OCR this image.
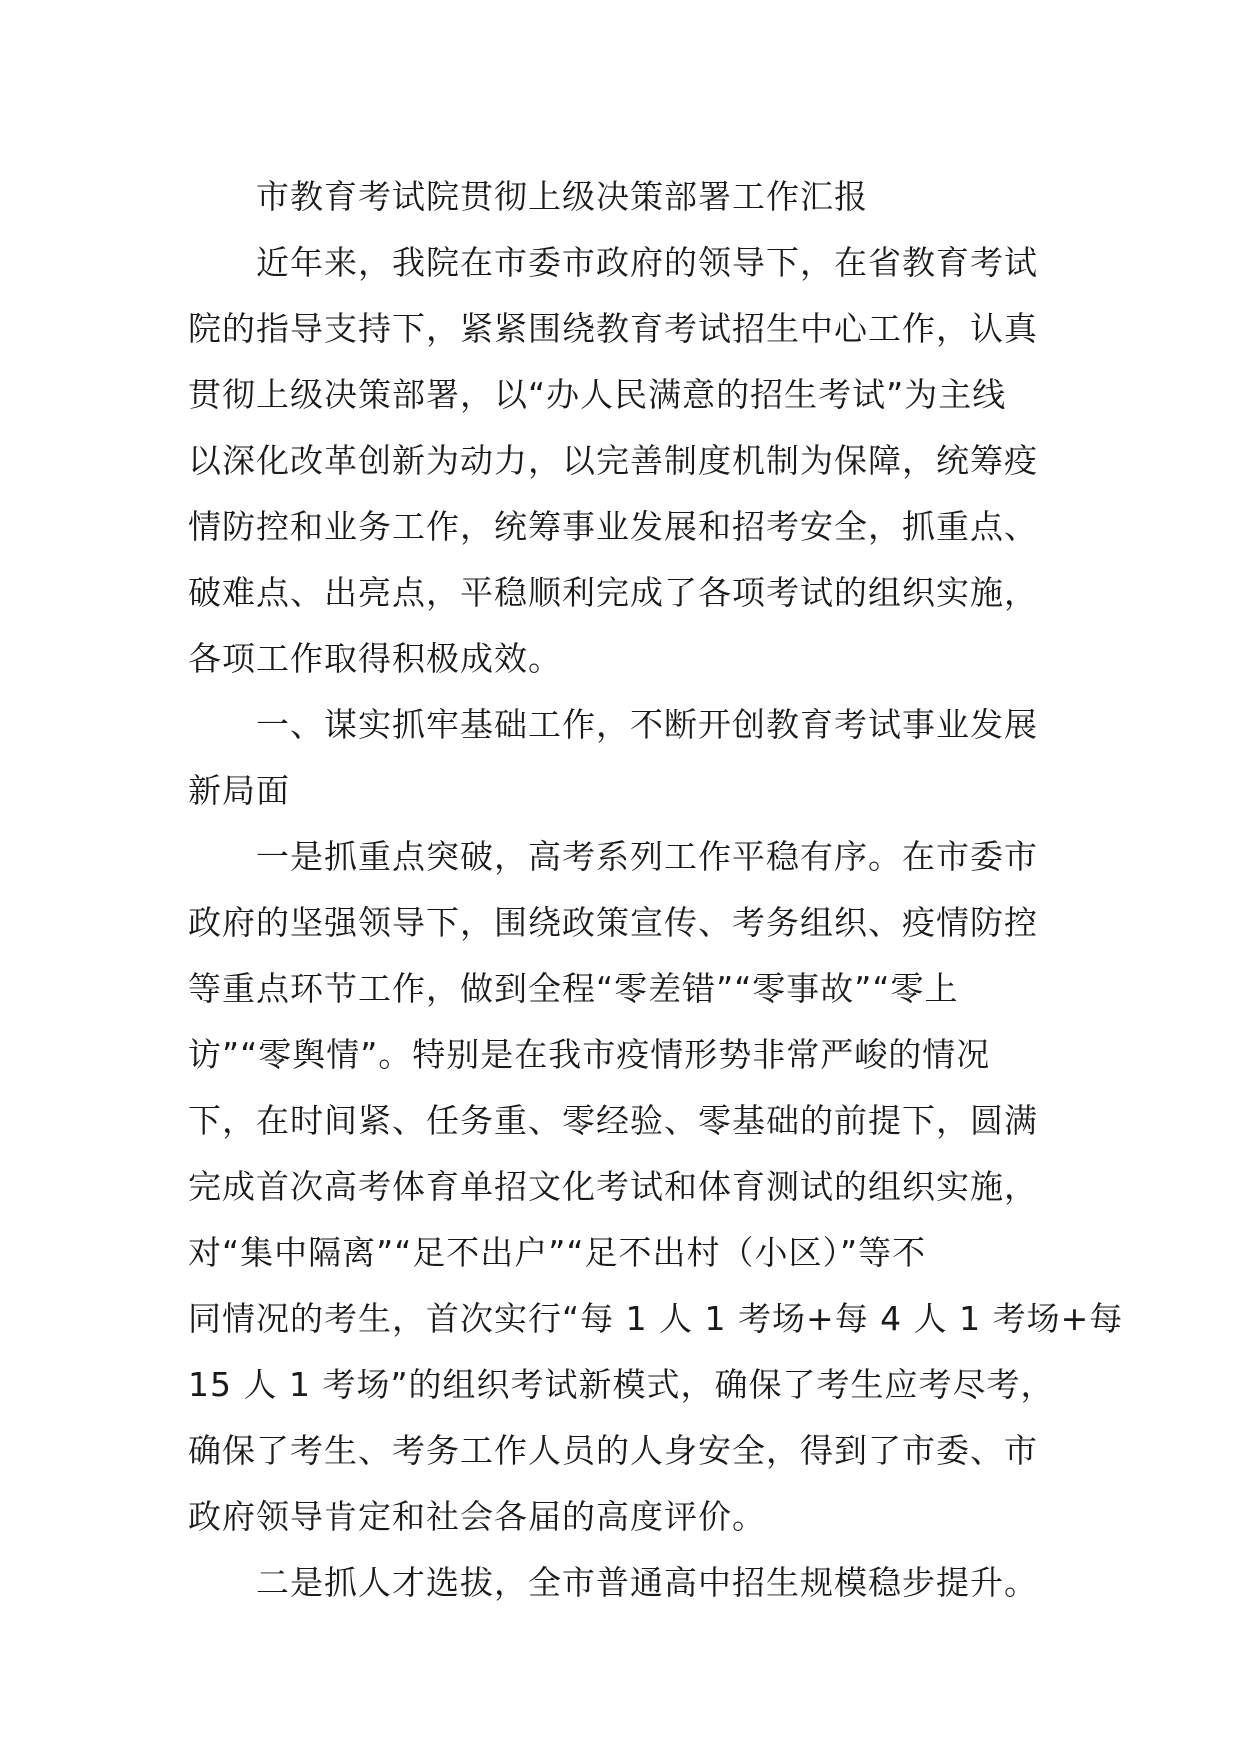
市教育考试院贯彻上级决策部署工作汇报
近年来，我院在市委市政府的领导下，在省教育考试
院的指导支持下，紧紧围绕教育考试招生中心工作，认真
贯彻上级决策部署，以“办人民满意的招生考试”为主线
以深化改革创新为动力，以完善制度机制为保障，统筹疫
情防控和业务工作，统筹事业发展和招考安全，抓重点、
破难点、出亮点，平稳顺利完成了各项考试的组织实施，
各项工作取得积极成效。
一、谋实抓牢基础工作，不断开创教育考试事业发展
新局面
一是抓重点突破，高考系列工作平稳有序。在市委市
政府的坚强领导下，围绕政策宣传、考务组织、疫情防控
等重点环节工作，做到全程“零差错”“零事故”“零上
访”“零舆情”。特别是在我市疫情形势非常严峻的情况
下，在时间紧、任务重、零经验、零基础的前提下，圆满
完成首次高考体育单招文化考试和体育测试的组织实施，
对“集中隔离”“足不出户”“足不出村（小区）”等不
同情况的考生，首次实行“每 1 人 1 考场+每 4 人 1 考场+每
15 人 1 考场”的组织考试新模式，确保了考生应考尽考，
确保了考生、考务工作人员的人身安全，得到了市委、市
政府领导肯定和社会各届的高度评价。
二是抓人才选拔，全市普通高中招生规模稳步提升。
